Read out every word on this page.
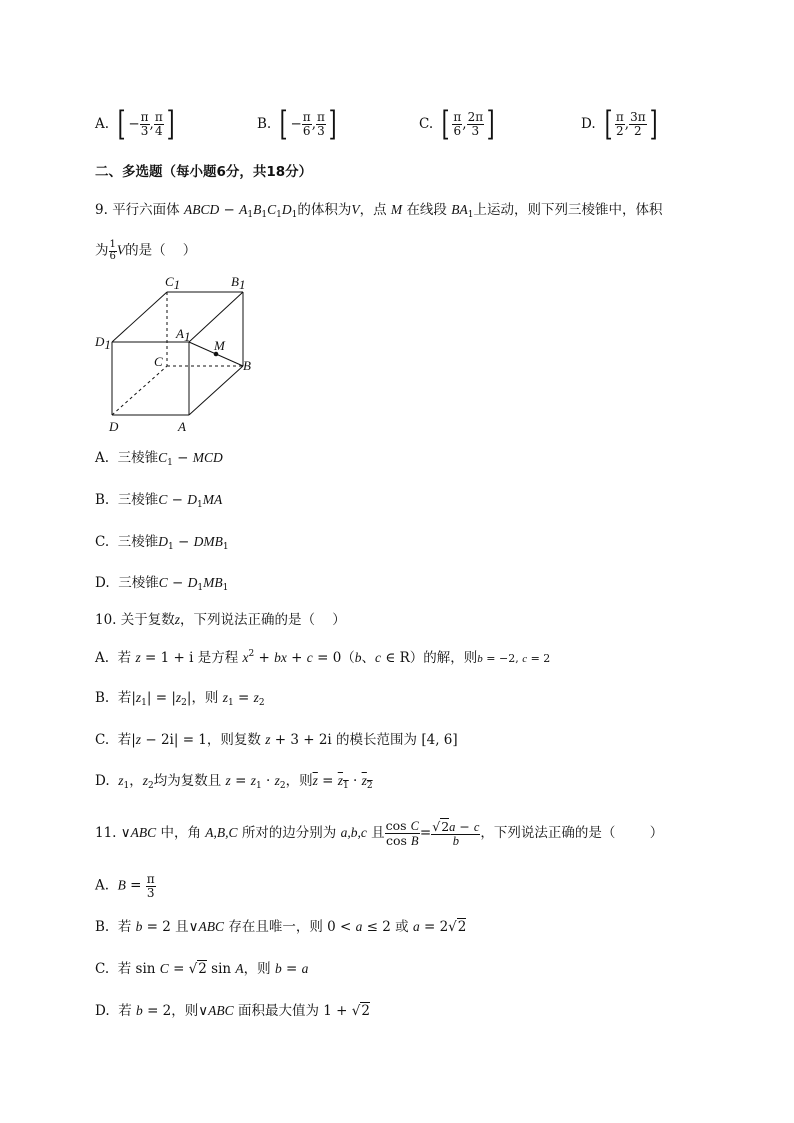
A. [ − $\frac{\pi}{3}$ , $\frac{\pi}{4}$ ]	B. [ − $\frac{\pi}{6}$ , $\frac{\pi}{3}$ ]	C. [ $\frac{\pi}{6}$ , $\frac{2\pi}{3}$ ]	D. [ $\frac{\pi}{2}$ , $\frac{3\pi}{2}$ ]
二、多选题（每小题6分，共18分）
9. 平行六面体 ABCD − $A_1B_1C_1D_1$的体积为V，点 M 在线段 $BA_1$上运动，则下列三棱锥中，体积
为 $\frac{1}{6}$ V的是（    ）
C1	B1
D1
A1
M
C	B
D	A
A. 三棱锥$C_1$ − MCD
B. 三棱锥$C - D_1MA$
C. 三棱锥$D_1 - DMB_1$
D. 三棱锥$C - D_1MB_1$
10. 关于复数z，下列说法正确的是（    ）
A. 若 z = 1 + i 是方程 $x^2$ + bx + c = 0（b、c ∈ R）的解，则b = −2, c = 2
B. 若$|z_1| = |z_2|$，则 $z_1 = z_2$
C. 若|z − 2i| = 1，则复数 z + 3 + 2i 的模长范围为 [4, 6]
D. $z_1$，$z_2$均为复数且 $z = z_1 \cdot z_2$，则$\overline{z} = z_1 \cdot z_2$
11. ∨ABC 中，角 A,B,C 所对的边分别为 a,b,c 且 $\frac{\text{cos C}}{\text{cos B}} = \frac{√2a - c}{b}$ ，下列说法正确的是（        ）
A. $B = \frac{\pi}{3}$
B. 若 b = 2 且∨ABC 存在且唯一，则 0 < a ≤ 2 或 a = 2√2
C. 若 sin C = √2 sin A，则 b = a
D. 若 b = 2，则∨ABC 面积最大值为 1 + √2
